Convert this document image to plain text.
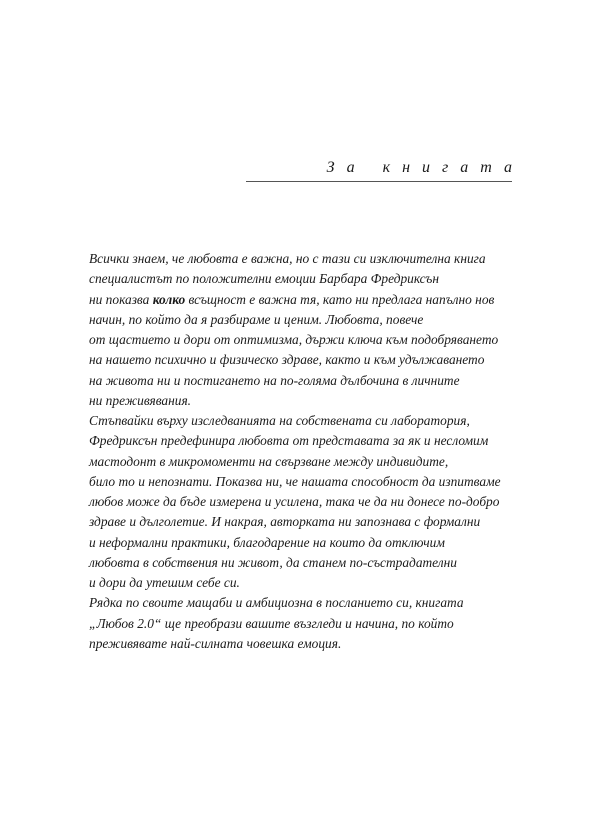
За книгата
Всички знаем, че любовта е важна, но с тази си изключителна книга
специалистът по положителни емоции Барбара Фредриксън
ни показва колко всъщност е важна тя, като ни предлага напълно нов
начин, по който да я разбираме и ценим. Любовта, повече
от щастието и дори от оптимизма, държи ключа към подобряването
на нашето психично и физическо здраве, както и към удължаването
на живота ни и постигането на по-голяма дълбочина в личните
ни преживявания.
Стъпвайки върху изследванията на собствената си лаборатория,
Фредриксън предефинира любовта от представата за як и несломим
мастодонт в микромоменти на свързване между индивидите,
било то и непознати. Показва ни, че нашата способност да изпитваме
любов може да бъде измерена и усилена, така че да ни донесе по-добро
здраве и дълголетие. И накрая, авторката ни запознава с формални
и неформални практики, благодарение на които да отключим
любовта в собствения ни живот, да станем по-състрадателни
и дори да утешим себе си.
Рядка по своите мащаби и амбициозна в посланието си, книгата
„Любов 2.0“ ще преобрази вашите възгледи и начина, по който
преживявате най-силната човешка емоция.
